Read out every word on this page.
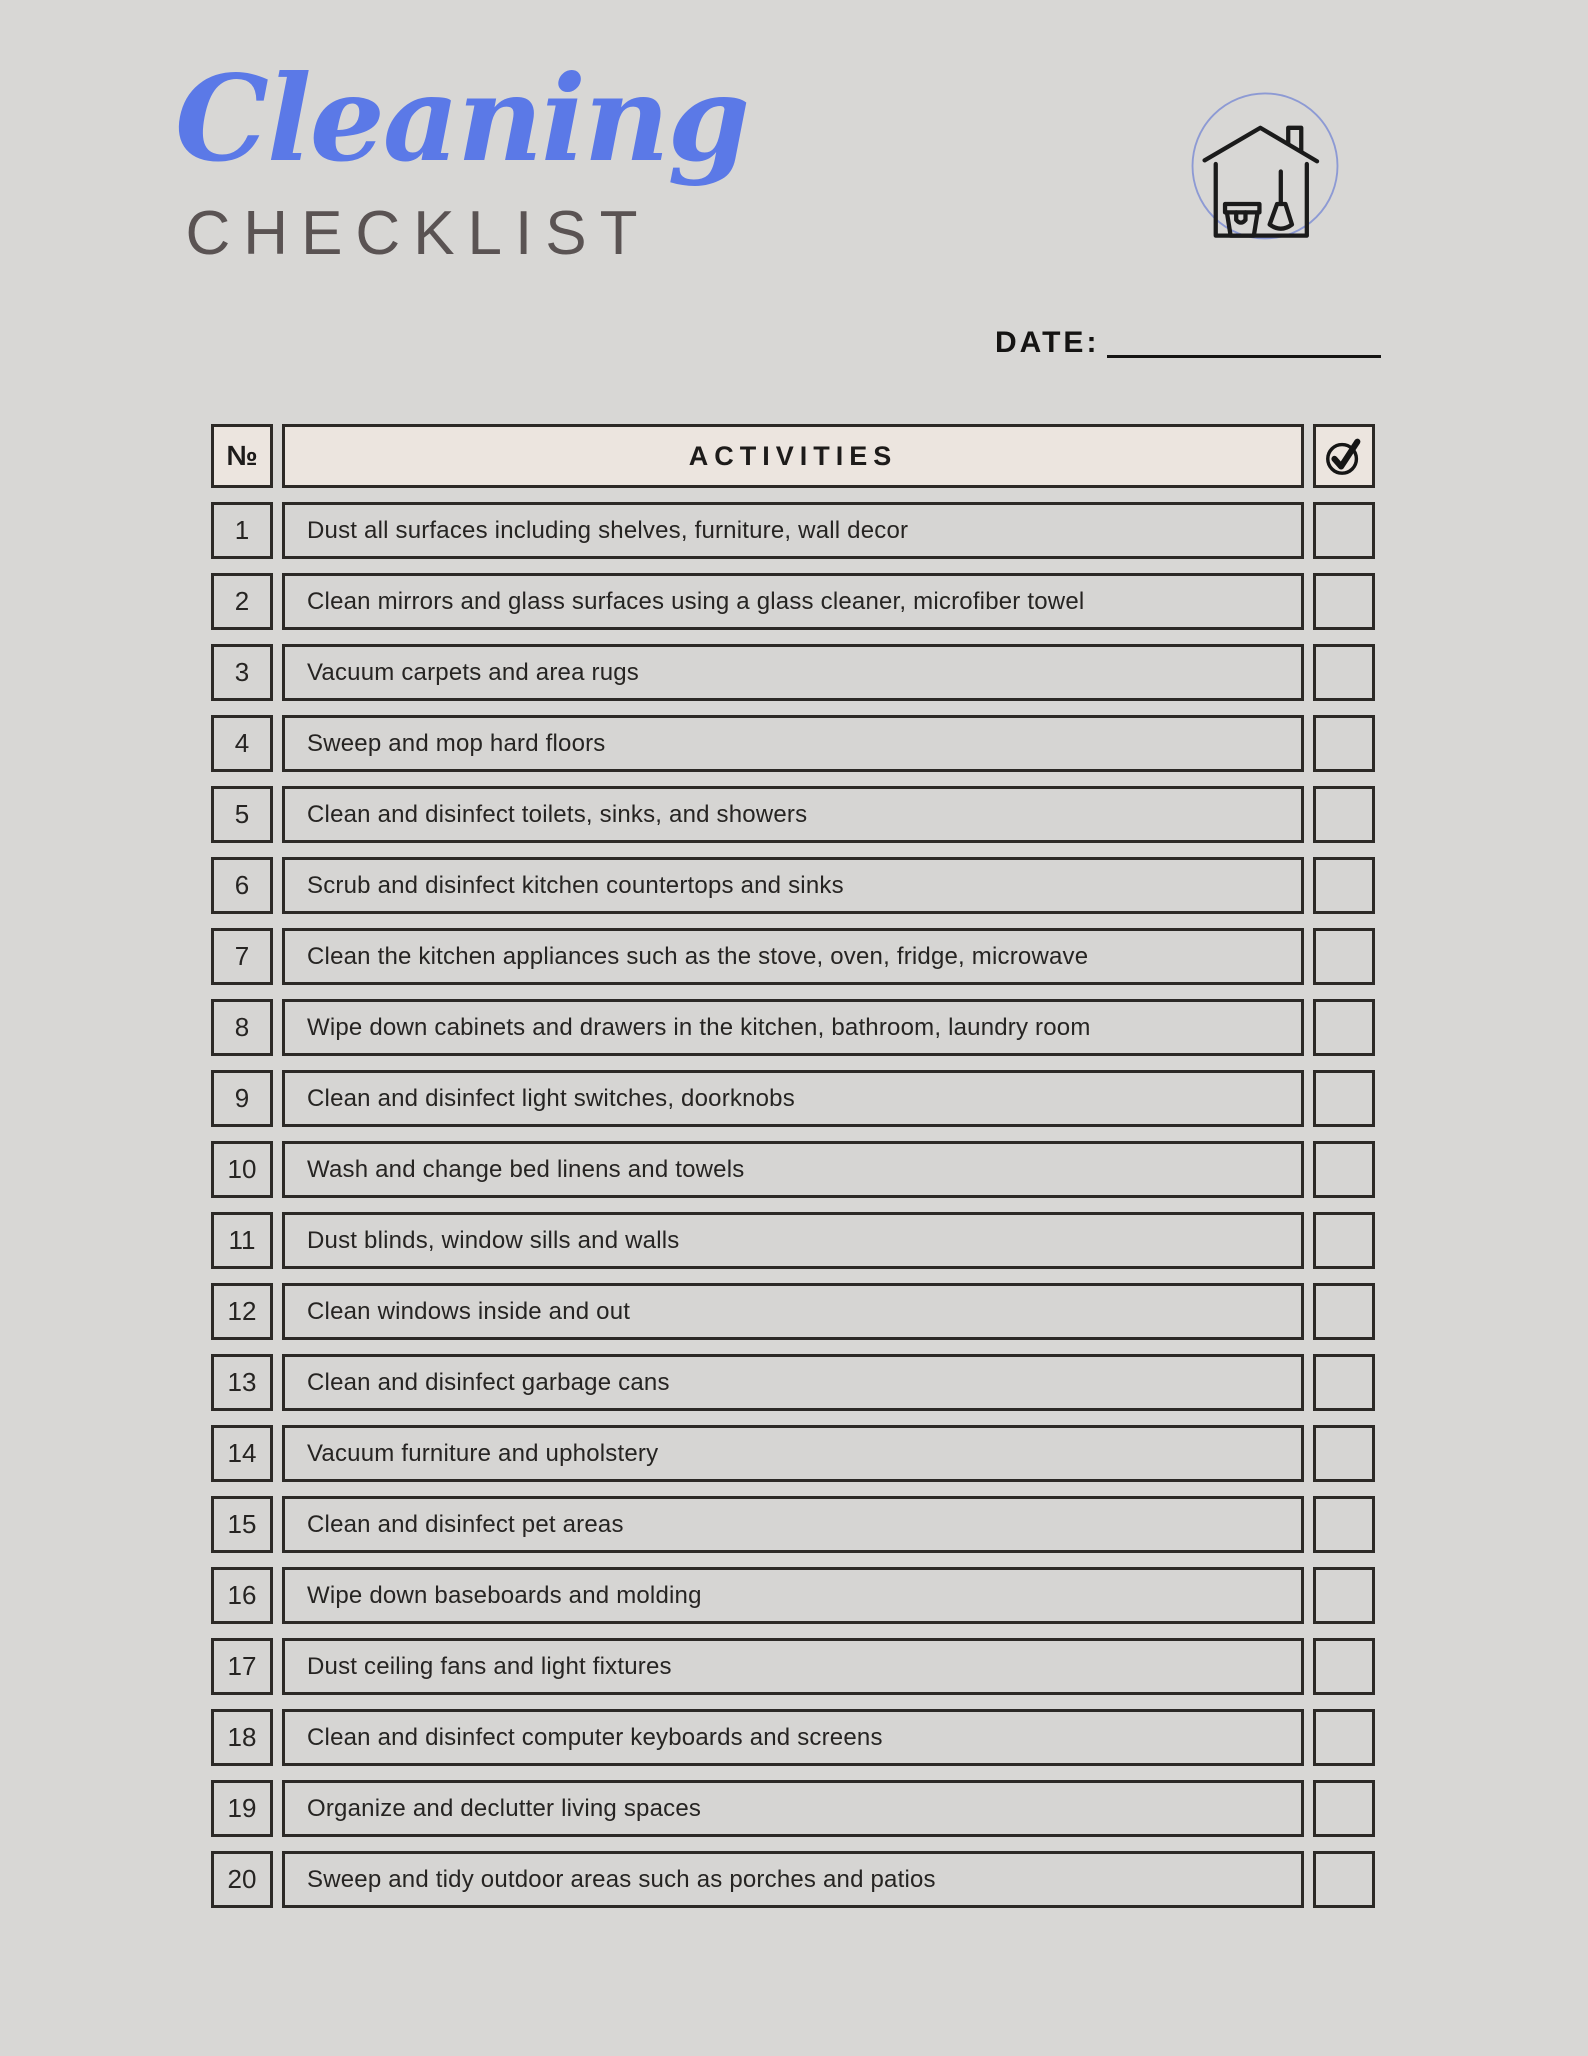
Cleaning
CHECKLIST
DATE:
№	ACTIVITIES
1 Dust all surfaces including shelves, furniture, wall decor
2 Clean mirrors and glass surfaces using a glass cleaner, microfiber towel
3 Vacuum carpets and area rugs
4 Sweep and mop hard floors
5 Clean and disinfect toilets, sinks, and showers
6 Scrub and disinfect kitchen countertops and sinks
7 Clean the kitchen appliances such as the stove, oven, fridge, microwave
8 Wipe down cabinets and drawers in the kitchen, bathroom, laundry room
9 Clean and disinfect light switches, doorknobs
10 Wash and change bed linens and towels
11 Dust blinds, window sills and walls
12 Clean windows inside and out
13 Clean and disinfect garbage cans
14 Vacuum furniture and upholstery
15 Clean and disinfect pet areas
16 Wipe down baseboards and molding
17 Dust ceiling fans and light fixtures
18 Clean and disinfect computer keyboards and screens
19 Organize and declutter living spaces
20 Sweep and tidy outdoor areas such as porches and patios
